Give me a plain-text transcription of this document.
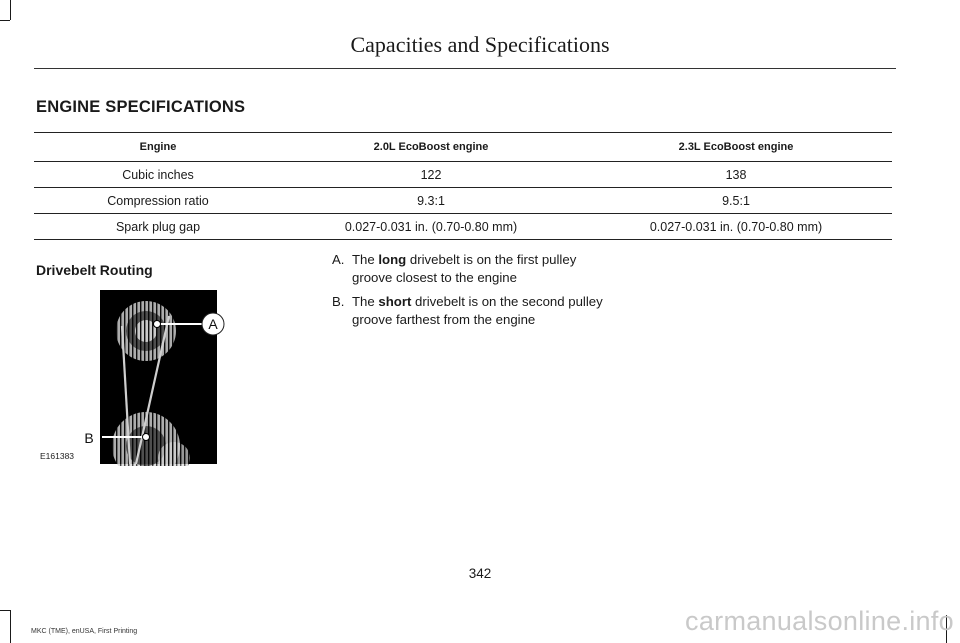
Capacities and Specifications
ENGINE SPECIFICATIONS
Engine	2.0L EcoBoost engine	2.3L EcoBoost engine
Cubic inches	122	138
Compression ratio	9.3:1	9.5:1
Spark plug gap	0.027-0.031 in. (0.70-0.80 mm)	0.027-0.031 in. (0.70-0.80 mm)
Drivebelt Routing
A
B
E161383
A. The long drivebelt is on the first pulley groove closest to the engine
B. The short drivebelt is on the second pulley groove farthest from the engine
342
MKC (TME), enUSA, First Printing	carmanualsonline.info
